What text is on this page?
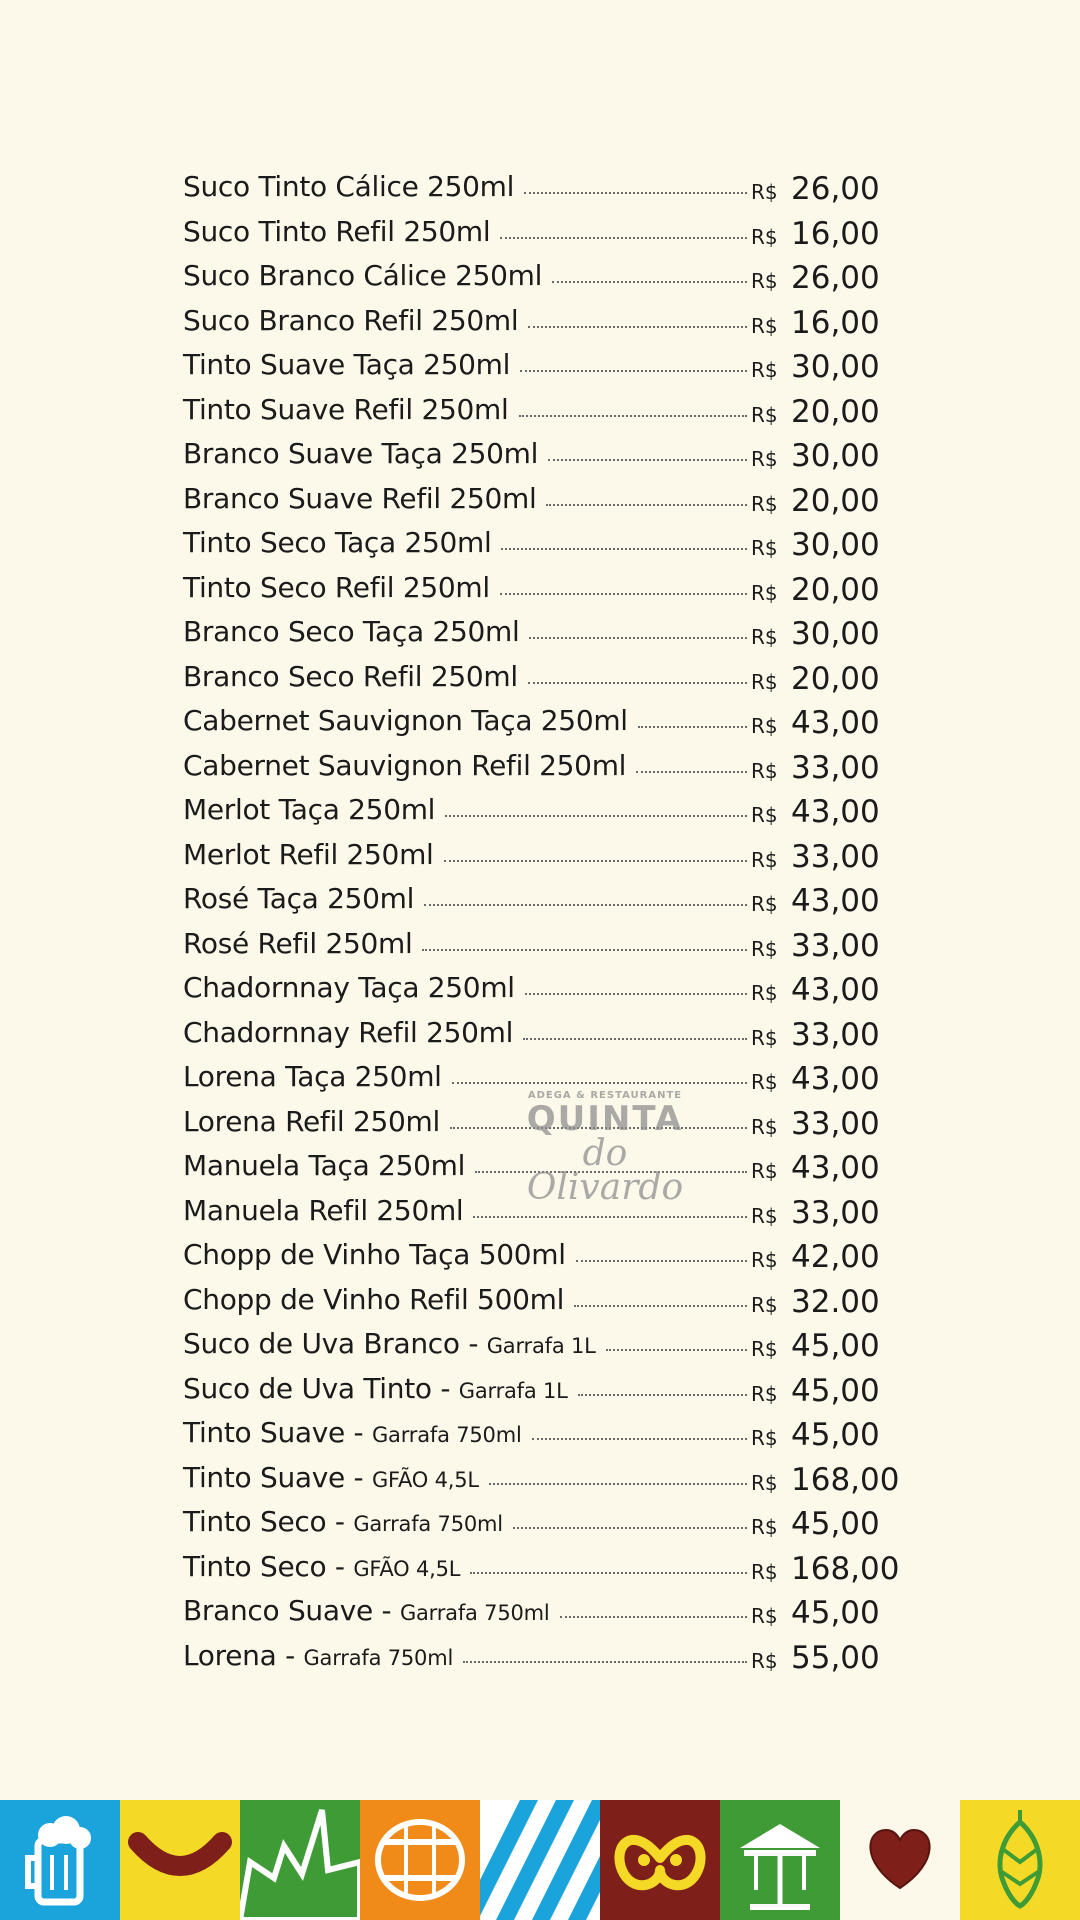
Suco Tinto Cálice 250ml	R$ 26,00
Suco Tinto Refil 250ml	R$ 16,00
Suco Branco Cálice 250ml	R$ 26,00
Suco Branco Refil 250ml	R$ 16,00
Tinto Suave Taça 250ml	R$ 30,00
Tinto Suave Refil 250ml	R$ 20,00
Branco Suave Taça 250ml	R$ 30,00
Branco Suave Refil 250ml	R$ 20,00
Tinto Seco Taça 250ml	R$ 30,00
Tinto Seco Refil 250ml	R$ 20,00
Branco Seco Taça 250ml	R$ 30,00
Branco Seco Refil 250ml	R$ 20,00
Cabernet Sauvignon Taça 250ml	R$ 43,00
Cabernet Sauvignon Refil 250ml	R$ 33,00
Merlot Taça 250ml	R$ 43,00
Merlot Refil 250ml	R$ 33,00
Rosé Taça 250ml	R$ 43,00
Rosé Refil 250ml	R$ 33,00
Chadornnay Taça 250ml	R$ 43,00
Chadornnay Refil 250ml	R$ 33,00
Lorena Taça 250ml	R$ 43,00
Lorena Refil 250ml	R$ 33,00
Manuela Taça 250ml	R$ 43,00
Manuela Refil 250ml	R$ 33,00
Chopp de Vinho Taça 500ml	R$ 42,00
Chopp de Vinho Refil 500ml	R$ 32.00
Suco de Uva Branco - Garrafa 1L	R$ 45,00
Suco de Uva Tinto - Garrafa 1L	R$ 45,00
Tinto Suave - Garrafa 750ml	R$ 45,00
Tinto Suave - GFÃO 4,5L	R$ 168,00
Tinto Seco - Garrafa 750ml	R$ 45,00
Tinto Seco - GFÃO 4,5L	R$ 168,00
Branco Suave - Garrafa 750ml	R$ 45,00
Lorena - Garrafa 750ml	R$ 55,00
ADEGA & RESTAURANTE
QUINTA
do Olivardo
